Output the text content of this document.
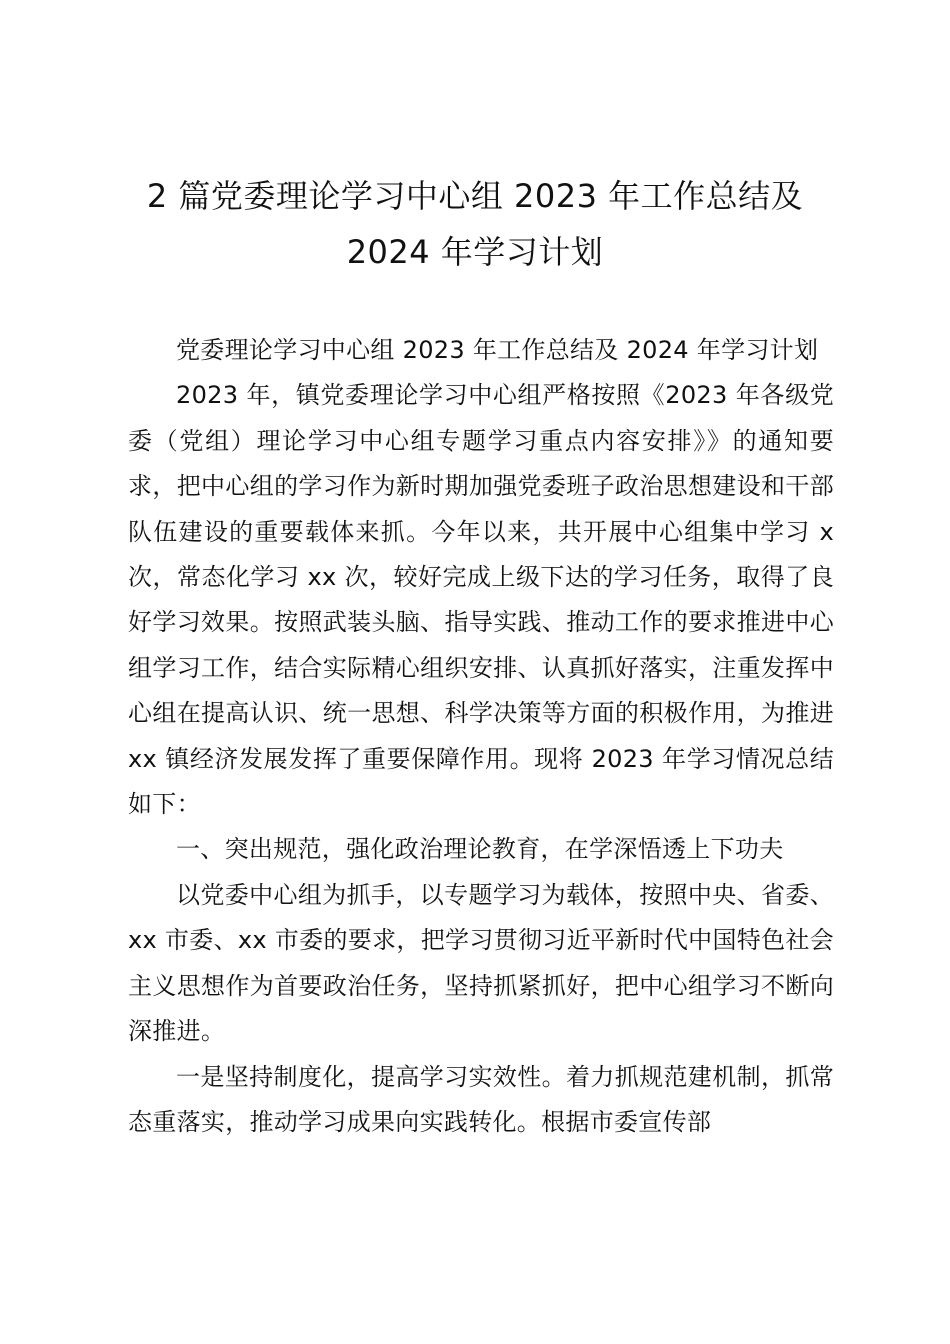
2 篇党委理论学习中心组 2023 年工作总结及
2024 年学习计划

党委理论学习中心组 2023 年工作总结及 2024 年学习计划

2023 年，镇党委理论学习中心组严格按照《2023 年各级党委（党组）理论学习中心组专题学习重点内容安排》》的通知要求，把中心组的学习作为新时期加强党委班子政治思想建设和干部队伍建设的重要载体来抓。今年以来，共开展中心组集中学习 x 次，常态化学习 xx 次，较好完成上级下达的学习任务，取得了良好学习效果。按照武装头脑、指导实践、推动工作的要求推进中心组学习工作，结合实际精心组织安排、认真抓好落实，注重发挥中心组在提高认识、统一思想、科学决策等方面的积极作用，为推进 xx 镇经济发展发挥了重要保障作用。现将 2023 年学习情况总结如下：

一、突出规范，强化政治理论教育，在学深悟透上下功夫

以党委中心组为抓手，以专题学习为载体，按照中央、省委、xx 市委、xx 市委的要求，把学习贯彻习近平新时代中国特色社会主义思想作为首要政治任务，坚持抓紧抓好，把中心组学习不断向深推进。

一是坚持制度化，提高学习实效性。着力抓规范建机制，抓常态重落实，推动学习成果向实践转化。根据市委宣传部
